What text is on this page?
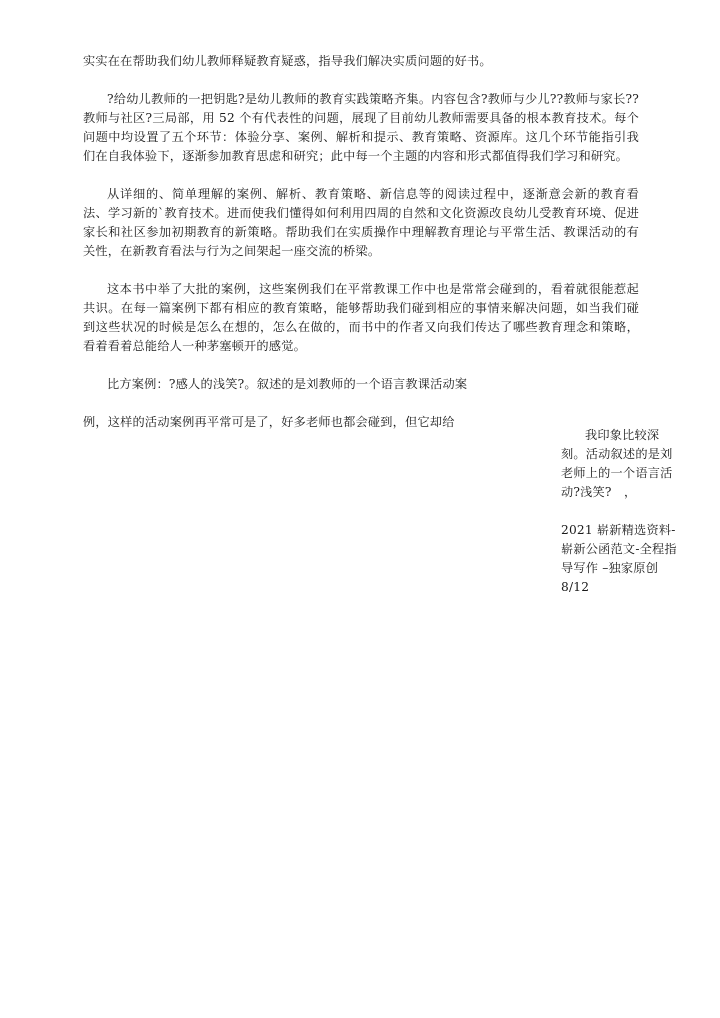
实实在在帮助我们幼儿教师释疑教育疑惑，指导我们解决实质问题的好书。

?给幼儿教师的一把钥匙?是幼儿教师的教育实践策略齐集。内容包含?教师与少儿??教师与家长??教师与社区?三局部，用 52 个有代表性的问题，展现了目前幼儿教师需要具备的根本教育技术。每个问题中均设置了五个环节：体验分享、案例、解析和提示、教育策略、资源库。这几个环节能指引我们在自我体验下，逐渐参加教育思虑和研究；此中每一个主题的内容和形式都值得我们学习和研究。

从详细的、简单理解的案例、解析、教育策略、新信息等的阅读过程中，逐渐意会新的教育看法、学习新的`教育技术。进而使我们懂得如何利用四周的自然和文化资源改良幼儿受教育环境、促进家长和社区参加初期教育的新策略。帮助我们在实质操作中理解教育理论与平常生活、教课活动的有关性，在新教育看法与行为之间架起一座交流的桥梁。

这本书中举了大批的案例，这些案例我们在平常教课工作中也是常常会碰到的，看着就很能惹起共识。在每一篇案例下都有相应的教育策略，能够帮助我们碰到相应的事情来解决问题，如当我们碰到这些状况的时候是怎么在想的，怎么在做的，而书中的作者又向我们传达了哪些教育理念和策略，看着看着总能给人一种茅塞顿开的感觉。

比方案例：?感人的浅笑?。叙述的是刘教师的一个语言教课活动案

例，这样的活动案例再平常可是了，好多老师也都会碰到，但它却给

我印象比较深刻。活动叙述的是刘老师上的一个语言活动?浅笑?　，

2021 崭新精选资料-崭新公函范文-全程指导写作 –独家原创

8/12
